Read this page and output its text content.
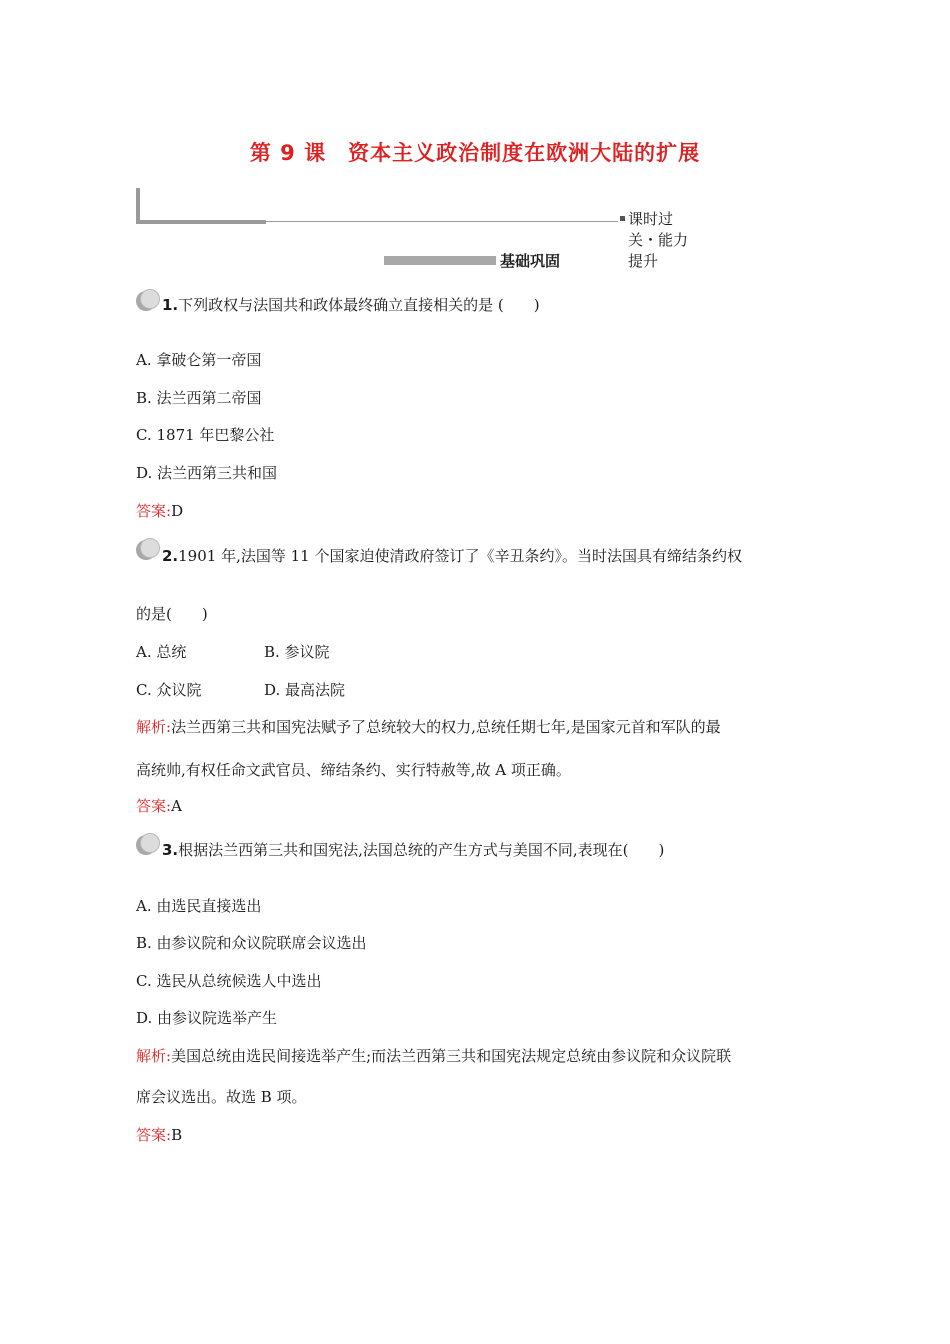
第 9 课　资本主义政治制度在欧洲大陆的扩展
课时过关・能力提升
基础巩固
1.下列政权与法国共和政体最终确立直接相关的是 (　　)
A. 拿破仑第一帝国
B. 法兰西第二帝国
C. 1871 年巴黎公社
D. 法兰西第三共和国
答案:D
2.1901 年,法国等 11 个国家迫使清政府签订了《辛丑条约》。当时法国具有缔结条约权
的是(　　)
A. 总统	B. 参议院
C. 众议院	D. 最高法院
解析:法兰西第三共和国宪法赋予了总统较大的权力,总统任期七年,是国家元首和军队的最
高统帅,有权任命文武官员、缔结条约、实行特赦等,故 A 项正确。
答案:A
3.根据法兰西第三共和国宪法,法国总统的产生方式与美国不同,表现在(　　)
A. 由选民直接选出
B. 由参议院和众议院联席会议选出
C. 选民从总统候选人中选出
D. 由参议院选举产生
解析:美国总统由选民间接选举产生;而法兰西第三共和国宪法规定总统由参议院和众议院联
席会议选出。故选 B 项。
答案:B
